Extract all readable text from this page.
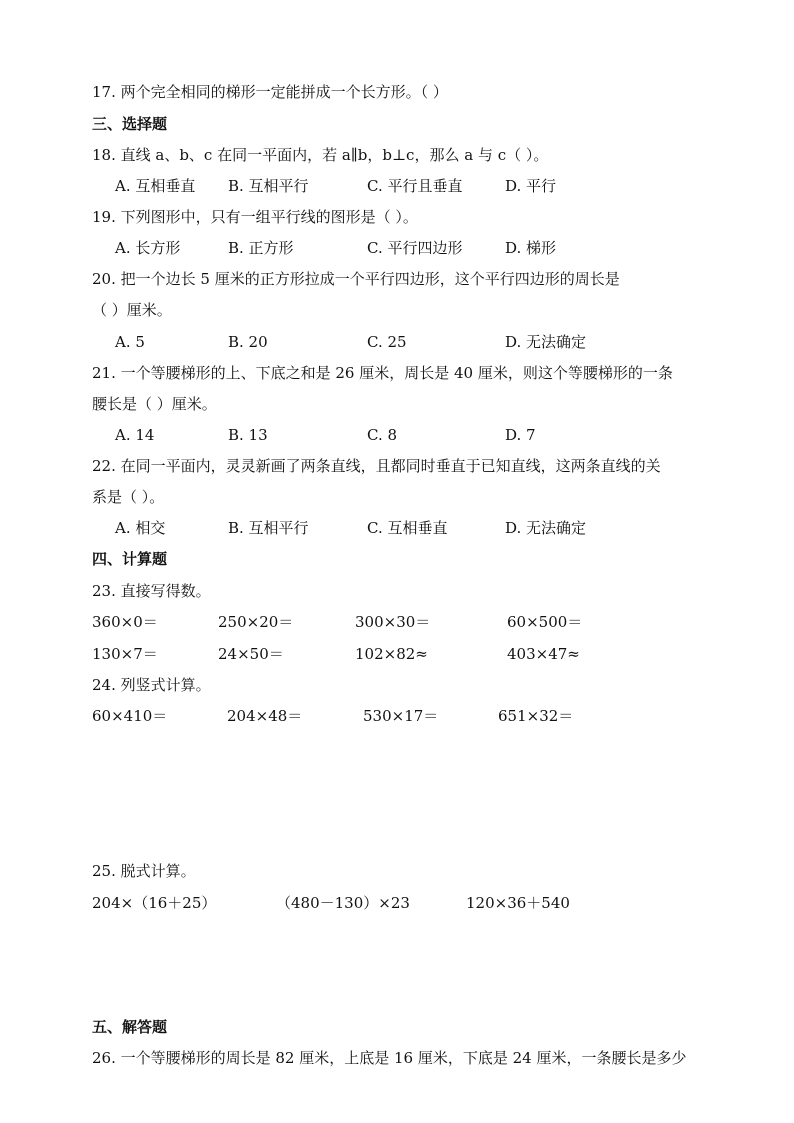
17. 两个完全相同的梯形一定能拼成一个长方形。（ ）
三、选择题
18. 直线 a、b、c 在同一平面内，若 a∥b，b⊥c，那么 a 与 c（ ）。
A. 互相垂直 B. 互相平行	C. 平行且垂直	D. 平行
19. 下列图形中，只有一组平行线的图形是（ ）。
A. 长方形	B. 正方形	C. 平行四边形	D. 梯形
20. 把一个边长 5 厘米的正方形拉成一个平行四边形，这个平行四边形的周长是
（ ）厘米。
A. 5	B. 20	C. 25	D. 无法确定
21. 一个等腰梯形的上、下底之和是 26 厘米，周长是 40 厘米，则这个等腰梯形的一条
腰长是（ ）厘米。
A. 14	B. 13	C. 8	D. 7
22. 在同一平面内，灵灵新画了两条直线，且都同时垂直于已知直线，这两条直线的关
系是（ ）。
A. 相交	B. 互相平行	C. 互相垂直	D. 无法确定
四、计算题
23. 直接写得数。
360×0＝	250×20＝	300×30＝	60×500＝
130×7＝	24×50＝	102×82≈	403×47≈
24. 列竖式计算。
60×410＝	204×48＝	530×17＝	651×32＝
25. 脱式计算。
204×（16＋25）	（480－130）×23	120×36＋540
五、解答题
26. 一个等腰梯形的周长是 82 厘米，上底是 16 厘米，下底是 24 厘米，一条腰长是多少
